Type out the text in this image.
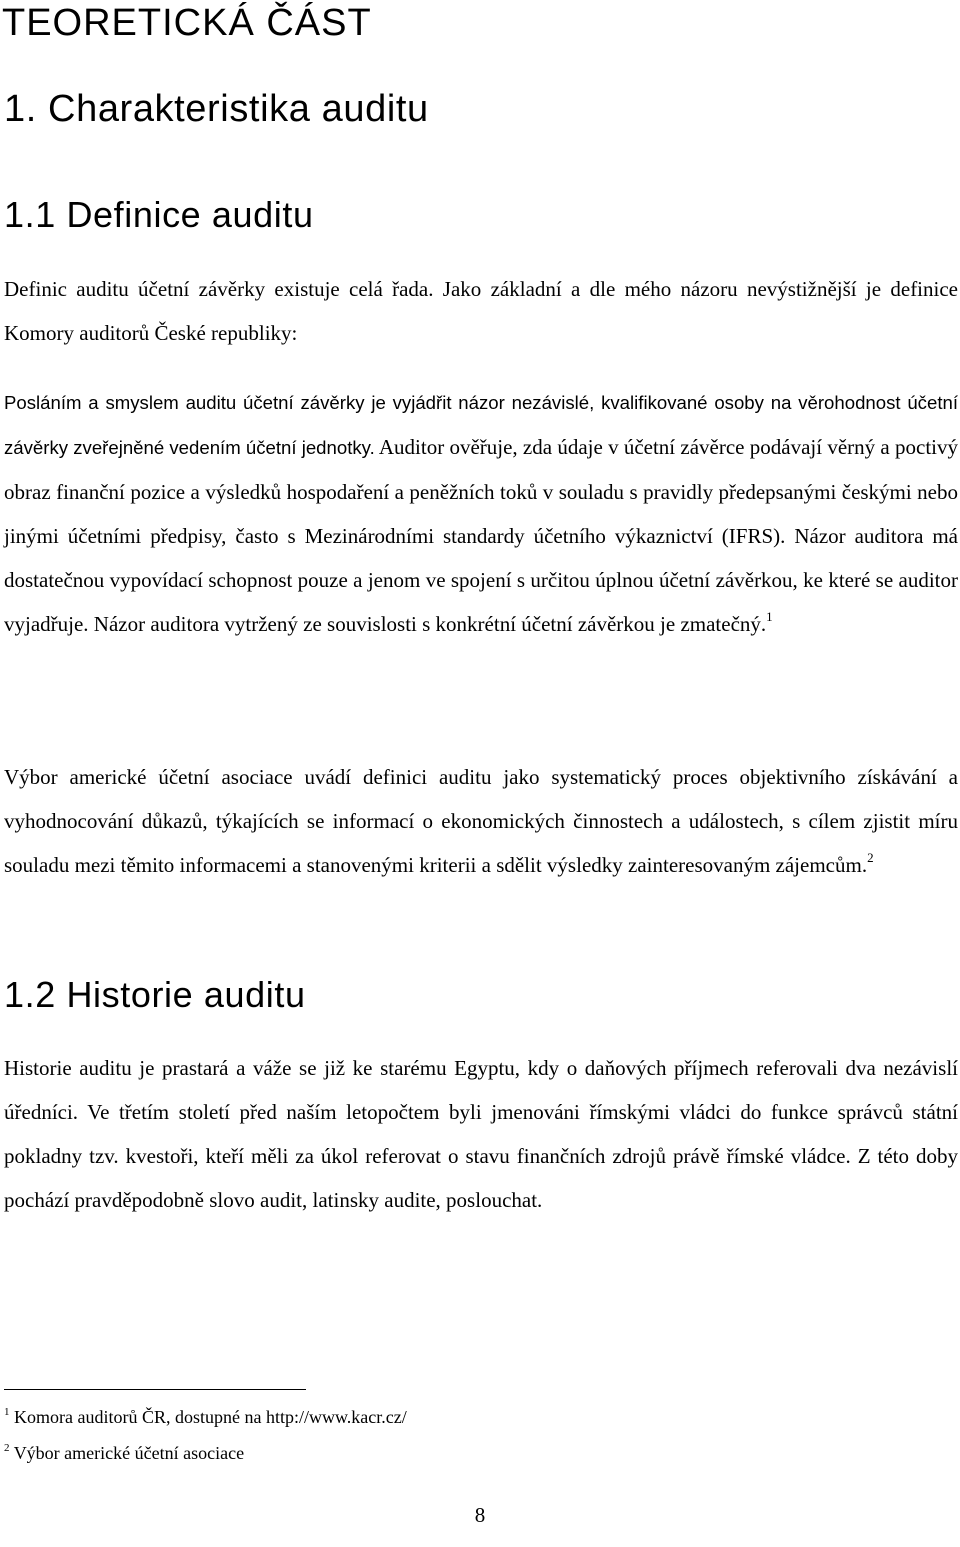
TEORETICKÁ ČÁST
1. Charakteristika auditu
1.1 Definice auditu

Definic auditu účetní závěrky existuje celá řada. Jako základní a dle mého názoru nevýstižnější je definice Komory auditorů České republiky:

Posláním a smyslem auditu účetní závěrky je vyjádřit názor nezávislé, kvalifikované osoby na věrohodnost účetní závěrky zveřejněné vedením účetní jednotky. Auditor ověřuje, zda údaje v účetní závěrce podávají věrný a poctivý obraz finanční pozice a výsledků hospodaření a peněžních toků v souladu s pravidly předepsanými českými nebo jinými účetními předpisy, často s Mezinárodními standardy účetního výkaznictví (IFRS). Názor auditora má dostatečnou vypovídací schopnost pouze a jenom ve spojení s určitou úplnou účetní závěrkou, ke které se auditor vyjadřuje. Názor auditora vytržený ze souvislosti s konkrétní účetní závěrkou je zmatečný.$^1$

Výbor americké účetní asociace uvádí definici auditu jako systematický proces objektivního získávání a vyhodnocování důkazů, týkajících se informací o ekonomických činnostech a událostech, s cílem zjistit míru souladu mezi těmito informacemi a stanovenými kriterii a sdělit výsledky zainteresovaným zájemcům.$^2$

1.2 Historie auditu

Historie auditu je prastará a váže se již ke starému Egyptu, kdy o daňových příjmech referovali dva nezávislí úředníci. Ve třetím století před naším letopočtem byli jmenováni římskými vládci do funkce správců státní pokladny tzv. kvestoři, kteří měli za úkol referovat o stavu finančních zdrojů právě římské vládce. Z této doby pochází pravděpodobně slovo audit, latinsky audite, poslouchat.

$^1$ Komora auditorů ČR, dostupné na http://www.kacr.cz/

$^2$ Výbor americké účetní asociace

8
